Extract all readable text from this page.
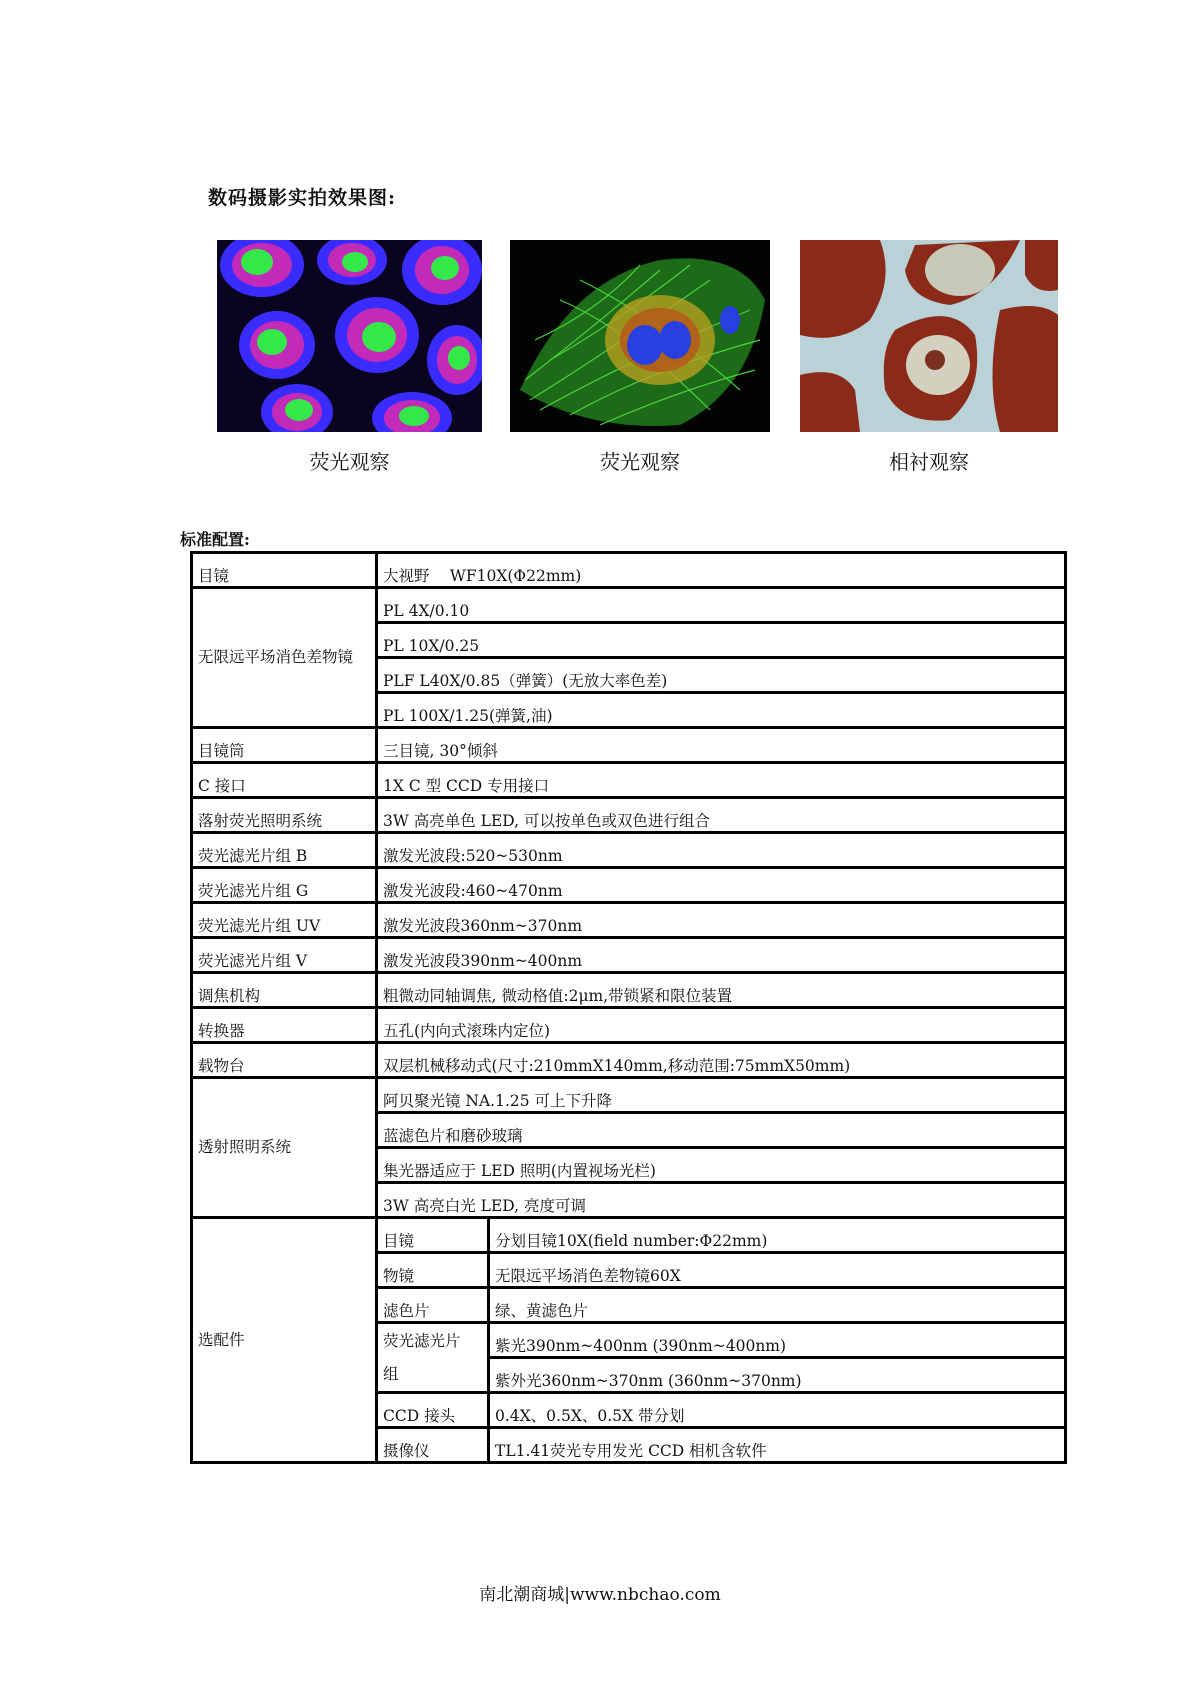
数码摄影实拍效果图:
荧光观察	荧光观察	相衬观察
标准配置:
目镜	大视野　 WF10X(Φ22mm)	
无限远平场消色差物镜	PL 4X/0.10	
	PL 10X/0.25	
	PLF L40X/0.85（弹簧）(无放大率色差)	
	PL 100X/1.25(弹簧,油)	
目镜筒	三目镜, 30°倾斜	
C 接口	1X C 型 CCD 专用接口	
落射荧光照明系统	3W 高亮单色 LED, 可以按单色或双色进行组合	
荧光滤光片组 B	激发光波段:520~530nm	
荧光滤光片组 G	激发光波段:460~470nm	
荧光滤光片组 UV	激发光波段360nm~370nm	
荧光滤光片组 V	激发光波段390nm~400nm	
调焦机构	粗微动同轴调焦, 微动格值:2μm,带锁紧和限位装置	
转换器	五孔(内向式滚珠内定位)	
载物台	双层机械移动式(尺寸:210mmX140mm,移动范围:75mmX50mm)	
透射照明系统	阿贝聚光镜 NA.1.25 可上下升降	
	蓝滤色片和磨砂玻璃	
	集光器适应于 LED 照明(内置视场光栏)	
	3W 高亮白光 LED, 亮度可调	
选配件	目镜	分划目镜10X(field number:Φ22mm)
	物镜	无限远平场消色差物镜60X
	滤色片	绿、黄滤色片
	荧光滤光片组	紫光390nm~400nm (390nm~400nm)
		紫外光360nm~370nm (360nm~370nm)
	CCD 接头	0.4X、0.5X、0.5X 带分划
	摄像仪	TL1.41荧光专用发光 CCD 相机含软件
南北潮商城|www.nbchao.com
